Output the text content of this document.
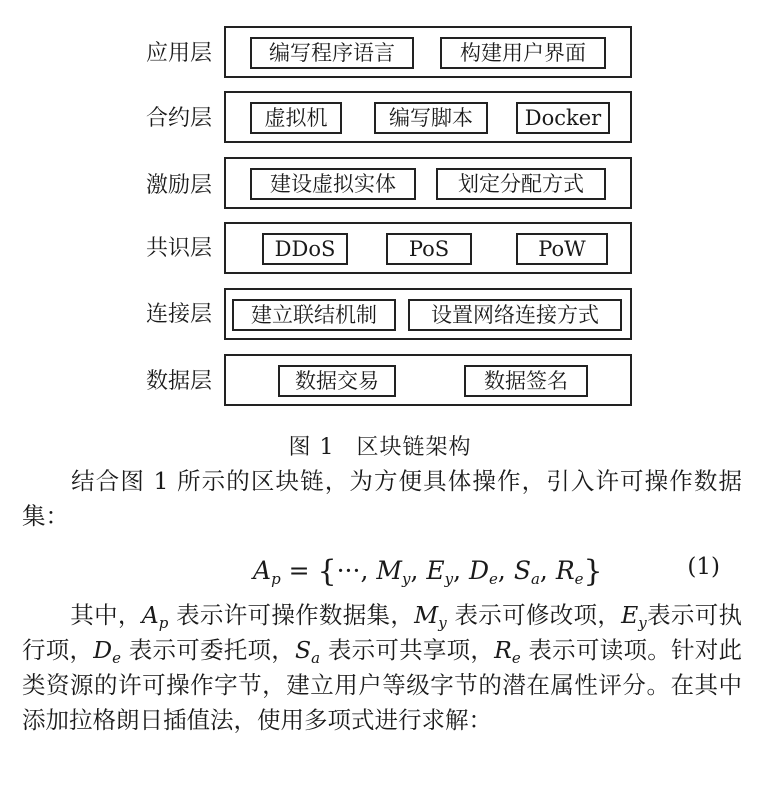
应用层	编写程序语言	构建用户界面
合约层	虚拟机	编写脚本	Docker
激励层	建设虚拟实体	划定分配方式
共识层	DDoS	PoS	PoW
连接层	建立联结机制	设置网络连接方式
数据层	数据交易	数据签名
图 1 区块链架构
结合图 1 所示的区块链，为方便具体操作，引入许可操作数据集：
$A_p$ = {···, $M_y$, $E_y$, $D_e$, $S_a$, $R_e$}	(1)
其中，$A_p$ 表示许可操作数据集，$M_y$ 表示可修改项，$E_y$表示可执行项，$D_e$ 表示可委托项，$S_a$ 表示可共享项，$R_e$ 表示可读项。针对此类资源的许可操作字节，建立用户等级字节的潜在属性评分。在其中添加拉格朗日插值法，使用多项式进行求解：
